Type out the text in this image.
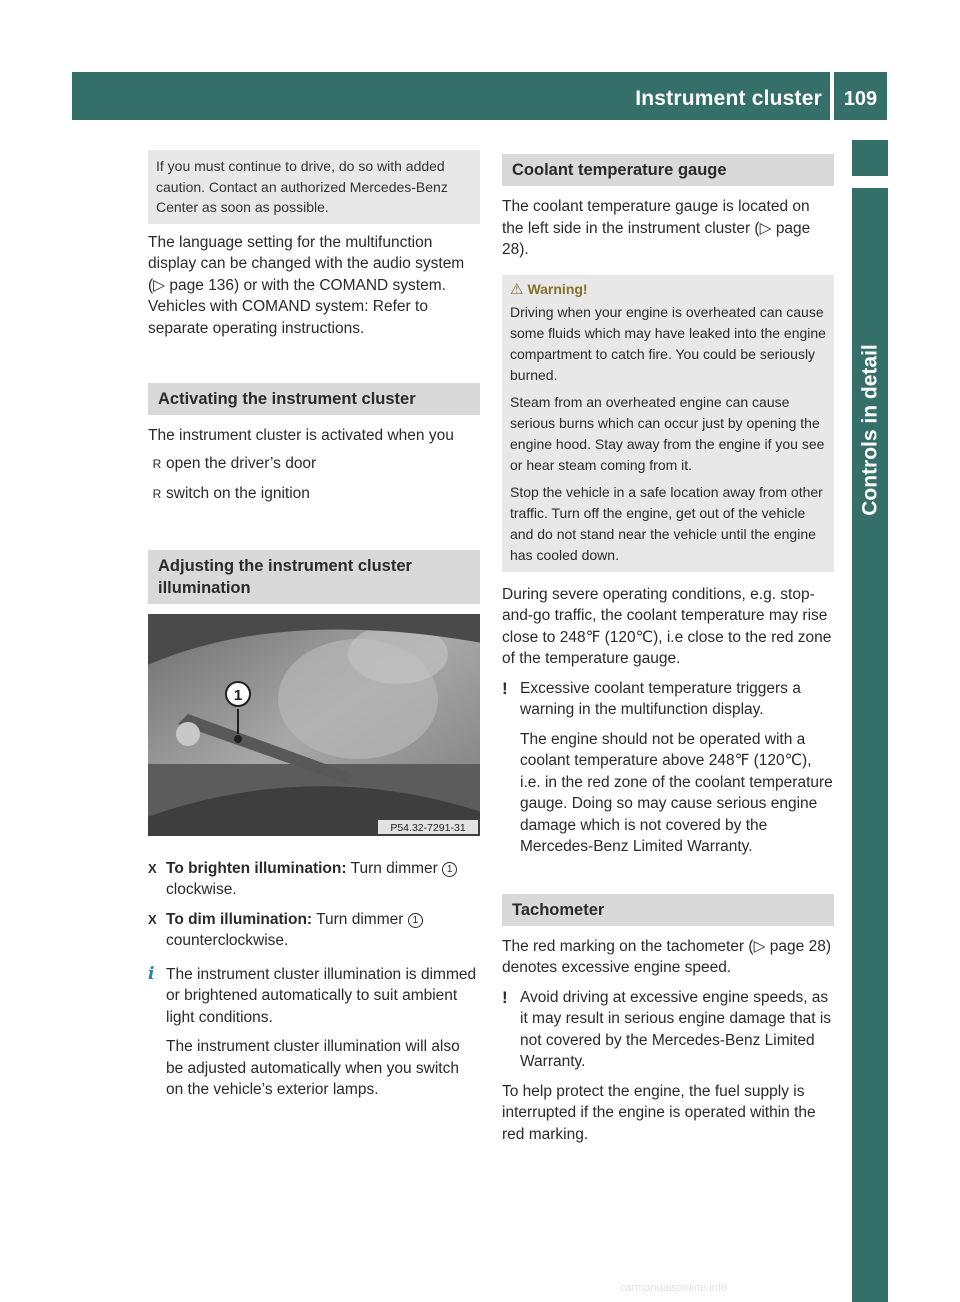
Instrument cluster	109
Controls in detail

If you must continue to drive, do so with added caution. Contact an authorized Mercedes-Benz Center as soon as possible.

The language setting for the multifunction display can be changed with the audio system (▷ page 136) or with the COMAND system. Vehicles with COMAND system: Refer to separate operating instructions.

Activating the instrument cluster

The instrument cluster is activated when you

R open the driver’s door

R switch on the ignition

Adjusting the instrument cluster illumination
1
P54.32-7291-31

X To brighten illumination: Turn dimmer 1 clockwise.

X To dim illumination: Turn dimmer 1 counterclockwise.

i The instrument cluster illumination is dimmed or brightened automatically to suit ambient light conditions.

The instrument cluster illumination will also be adjusted automatically when you switch on the vehicle’s exterior lamps.

Coolant temperature gauge

The coolant temperature gauge is located on the left side in the instrument cluster (▷ page 28).

⚠ Warning!

Driving when your engine is overheated can cause some fluids which may have leaked into the engine compartment to catch fire. You could be seriously burned.

Steam from an overheated engine can cause serious burns which can occur just by opening the engine hood. Stay away from the engine if you see or hear steam coming from it.

Stop the vehicle in a safe location away from other traffic. Turn off the engine, get out of the vehicle and do not stand near the vehicle until the engine has cooled down.

During severe operating conditions, e.g. stop-and-go traffic, the coolant temperature may rise close to 248℉ (120℃), i.e close to the red zone of the temperature gauge.

! Excessive coolant temperature triggers a warning in the multifunction display.

The engine should not be operated with a coolant temperature above 248℉ (120℃), i.e. in the red zone of the coolant temperature gauge. Doing so may cause serious engine damage which is not covered by the Mercedes-Benz Limited Warranty.

Tachometer

The red marking on the tachometer (▷ page 28) denotes excessive engine speed.

! Avoid driving at excessive engine speeds, as it may result in serious engine damage that is not covered by the Mercedes-Benz Limited Warranty.

To help protect the engine, the fuel supply is interrupted if the engine is operated within the red marking.

carmanualsonline.info
